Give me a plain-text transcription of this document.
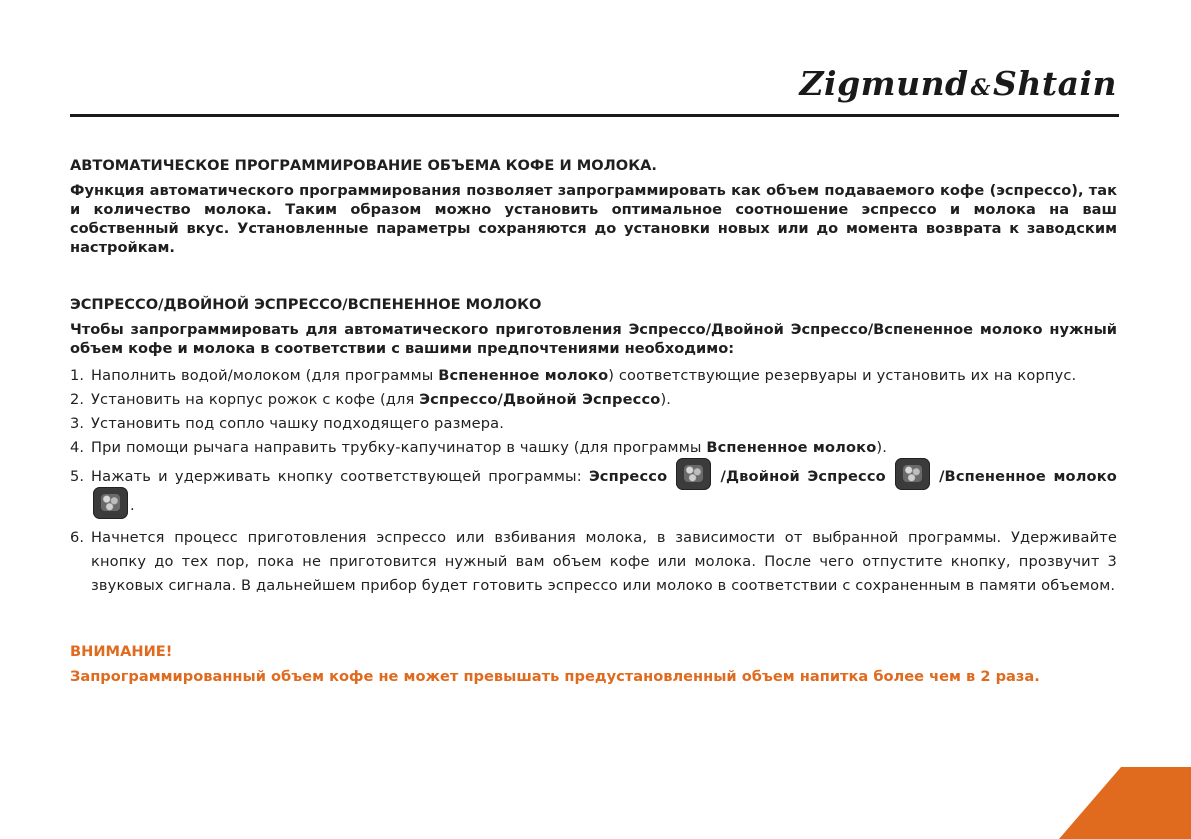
Zigmund&Shtain

АВТОМАТИЧЕСКОЕ ПРОГРАММИРОВАНИЕ ОБЪЕМА КОФЕ И МОЛОКА.

Функция автоматического программирования позволяет запрограммировать как объем подаваемого кофе (эспрессо), так и количество молока. Таким образом можно установить оптимальное соотношение эспрессо и молока на ваш собственный вкус. Установленные параметры сохраняются до установки новых или до момента возврата к заводским настройкам.

ЭСПРЕССО/ДВОЙНОЙ ЭСПРЕССО/ВСПЕНЕННОЕ МОЛОКО

Чтобы запрограммировать для автоматического приготовления Эспрессо/Двойной Эспрессо/Вспененное молоко нужный объем кофе и молока в соответствии с вашими предпочтениями необходимо:

1. Наполнить водой/молоком (для программы Вспененное молоко) соответствующие резервуары и установить их на корпус.
2. Установить на корпус рожок с кофе (для Эспрессо/Двойной Эспрессо).
3. Установить под сопло чашку подходящего размера.
4. При помощи рычага направить трубку-капучинатор в чашку (для программы Вспененное молоко).
5. Нажать и удерживать кнопку соответствующей программы: Эспрессо	/Двойной Эспрессо	/Вспененное молоко.
6. Начнется процесс приготовления эспрессо или взбивания молока, в зависимости от выбранной программы. Удерживайте кнопку до тех пор, пока не приготовится нужный вам объем кофе или молока. После чего отпустите кнопку, прозвучит 3 звуковых сигнала. В дальнейшем прибор будет готовить эспрессо или молоко в соответствии с сохраненным в памяти объемом.

ВНИМАНИЕ!

Запрограммированный объем кофе не может превышать предустановленный объем напитка более чем в 2 раза.
